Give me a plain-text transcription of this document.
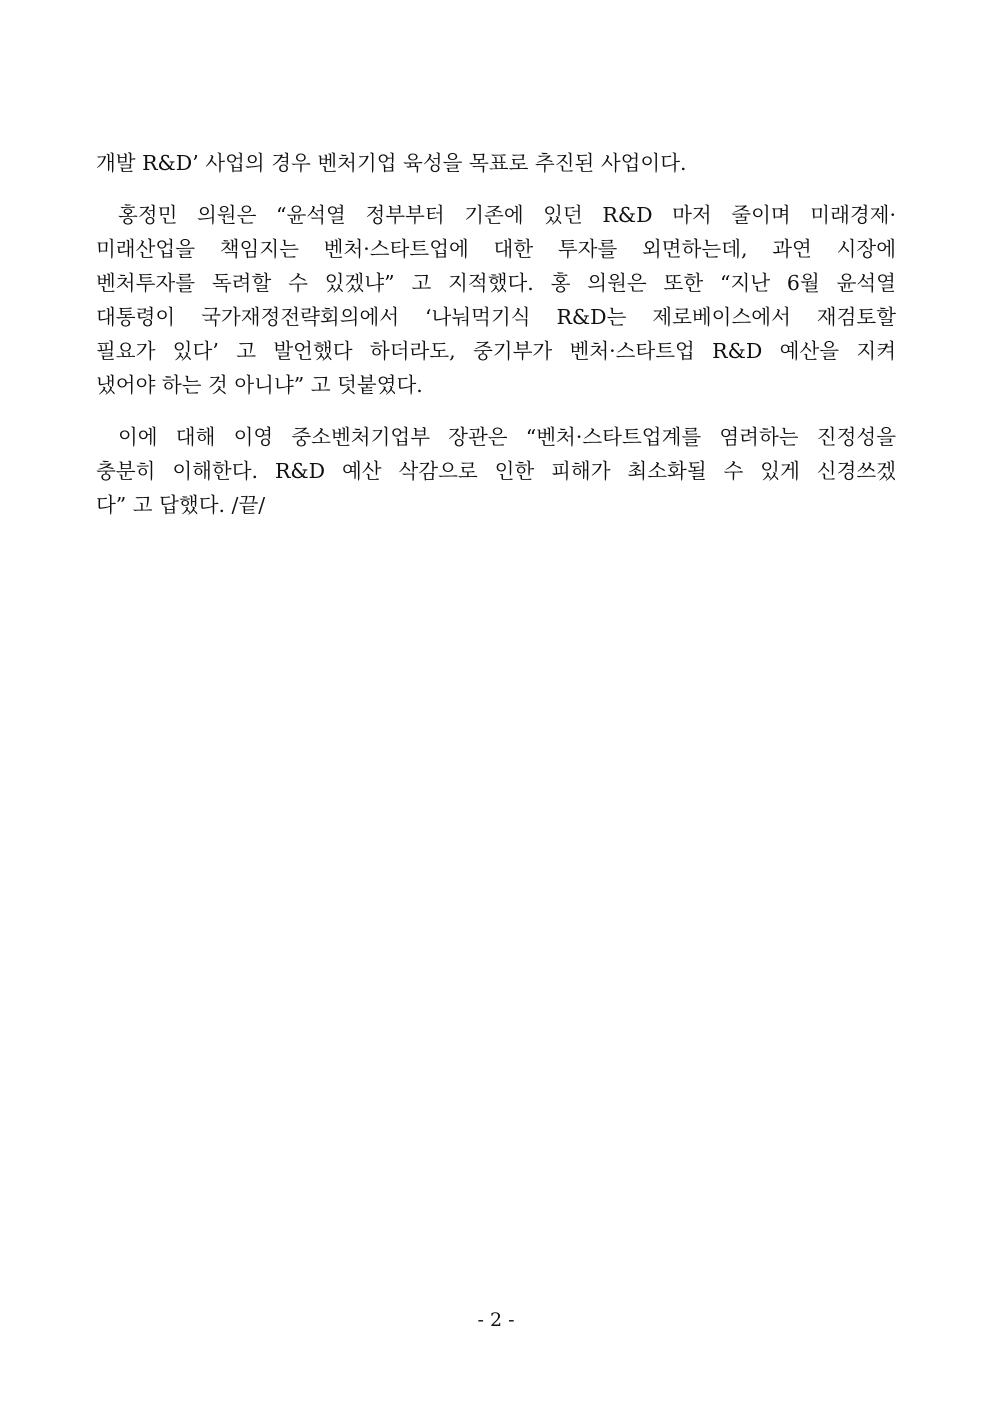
개발 R&D’ 사업의 경우 벤처기업 육성을 목표로 추진된 사업이다.

홍정민 의원은 “윤석열 정부부터 기존에 있던 R&D 마저 줄이며 미래경제·
미래산업을 책임지는 벤처·스타트업에 대한 투자를 외면하는데, 과연 시장에
벤처투자를 독려할 수 있겠냐” 고 지적했다. 홍 의원은 또한 “지난 6월 윤석열
대통령이 국가재정전략회의에서 ‘나눠먹기식 R&D는 제로베이스에서 재검토할
필요가 있다’ 고 발언했다 하더라도, 중기부가 벤처·스타트업 R&D 예산을 지켜
냈어야 하는 것 아니냐” 고 덧붙였다.

이에 대해 이영 중소벤처기업부 장관은 “벤처·스타트업계를 염려하는 진정성을
충분히 이해한다. R&D 예산 삭감으로 인한 피해가 최소화될 수 있게 신경쓰겠
다” 고 답했다. /끝/

- 2 -
